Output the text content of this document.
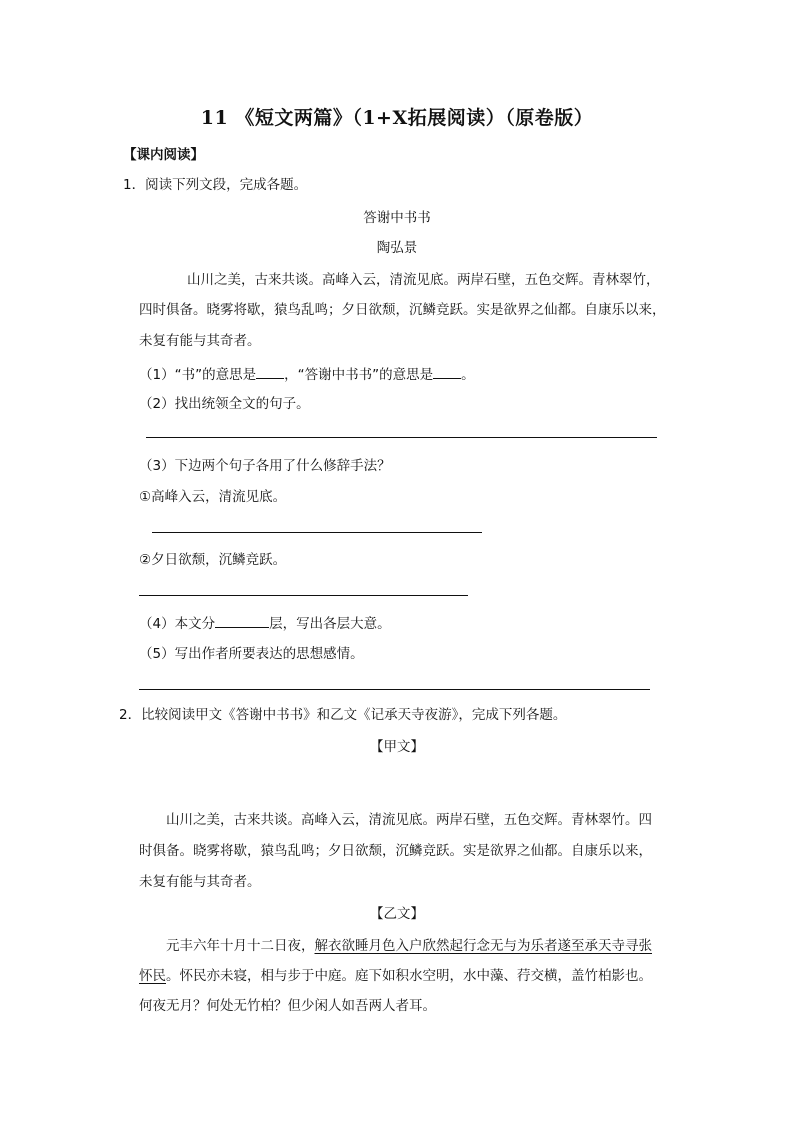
11 《短文两篇》（1+X拓展阅读）（原卷版）
【课内阅读】
1．阅读下列文段，完成各题。
答谢中书书
陶弘景
山川之美，古来共谈。高峰入云，清流见底。两岸石壁，五色交辉。青林翠竹，
四时俱备。晓雾将歇，猿鸟乱鸣；夕日欲颓，沉鳞竞跃。实是欲界之仙都。自康乐以来，
未复有能与其奇者。
（1）“书”的意思是 ，“答谢中书书”的意思是 。
（2）找出统领全文的句子。
（3）下边两个句子各用了什么修辞手法？
①高峰入云，清流见底。
②夕日欲颓，沉鳞竞跃。
（4）本文分	层，写出各层大意。
（5）写出作者所要表达的思想感情。
2．比较阅读甲文《答谢中书书》和乙文《记承天寺夜游》，完成下列各题。
【甲文】
山川之美，古来共谈。高峰入云，清流见底。两岸石壁，五色交辉。青林翠竹。四
时俱备。晓雾将歇，猿鸟乱鸣；夕日欲颓，沉鳞竞跃。实是欲界之仙都。自康乐以来，
未复有能与其奇者。
【乙文】
元丰六年十月十二日夜，解衣欲睡月色入户欣然起行念无与为乐者遂至承天寺寻张
怀民。怀民亦未寝，相与步于中庭。庭下如积水空明，水中藻、荇交横，盖竹柏影也。
何夜无月？何处无竹柏？但少闲人如吾两人者耳。
